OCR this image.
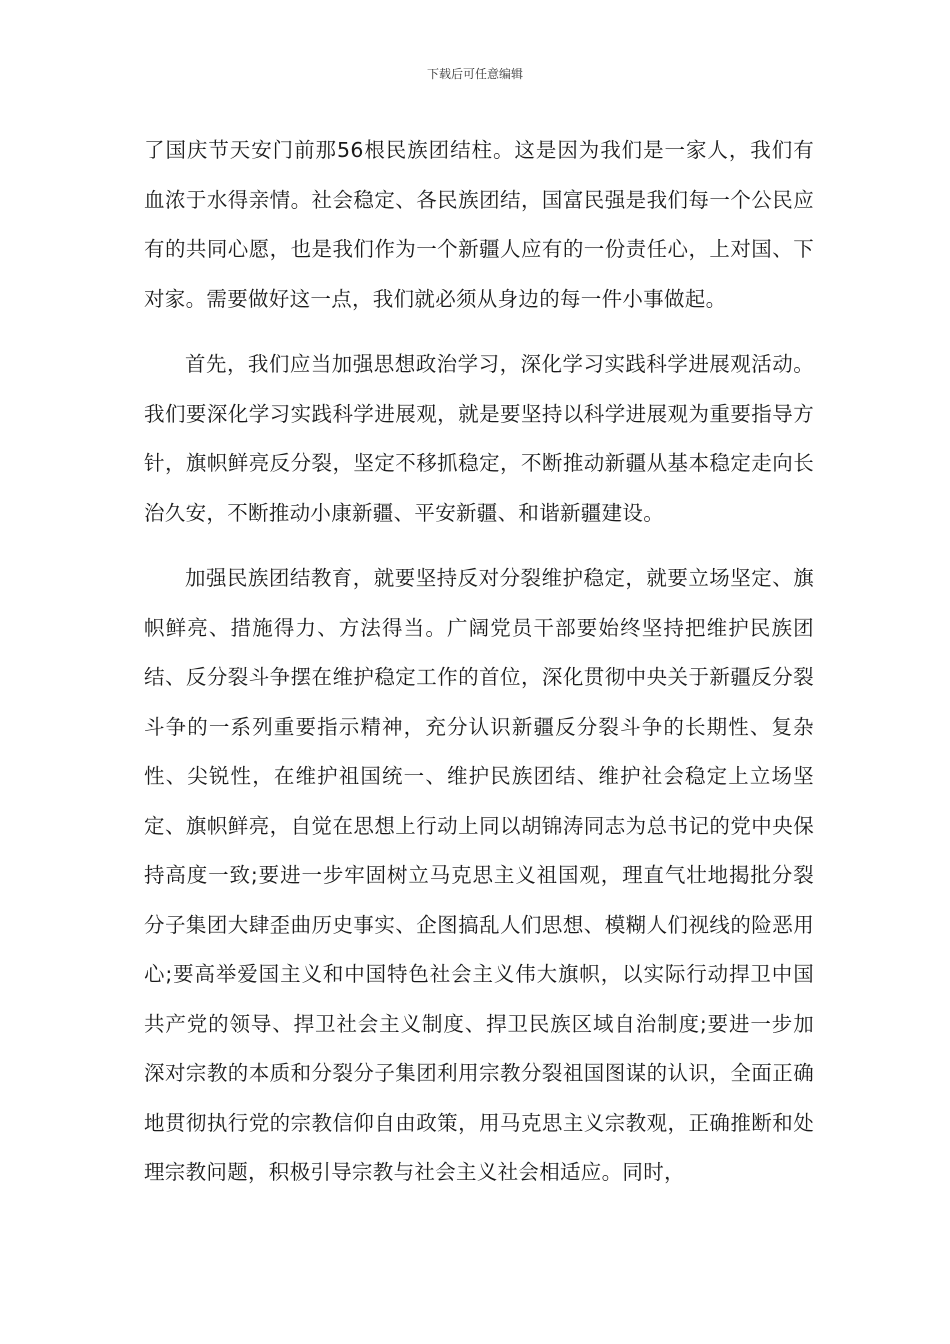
下载后可任意编辑

了国庆节天安门前那56根民族团结柱。这是因为我们是一家人，我们有血浓于水得亲情。社会稳定、各民族团结，国富民强是我们每一个公民应有的共同心愿，也是我们作为一个新疆人应有的一份责任心，上对国、下对家。需要做好这一点，我们就必须从身边的每一件小事做起。

首先，我们应当加强思想政治学习，深化学习实践科学进展观活动。我们要深化学习实践科学进展观，就是要坚持以科学进展观为重要指导方针，旗帜鲜亮反分裂，坚定不移抓稳定，不断推动新疆从基本稳定走向长治久安，不断推动小康新疆、平安新疆、和谐新疆建设。

加强民族团结教育，就要坚持反对分裂维护稳定，就要立场坚定、旗帜鲜亮、措施得力、方法得当。广阔党员干部要始终坚持把维护民族团结、反分裂斗争摆在维护稳定工作的首位，深化贯彻中央关于新疆反分裂斗争的一系列重要指示精神，充分认识新疆反分裂斗争的长期性、复杂性、尖锐性，在维护祖国统一、维护民族团结、维护社会稳定上立场坚定、旗帜鲜亮，自觉在思想上行动上同以胡锦涛同志为总书记的党中央保持高度一致;要进一步牢固树立马克思主义祖国观，理直气壮地揭批分裂分子集团大肆歪曲历史事实、企图搞乱人们思想、模糊人们视线的险恶用心;要高举爱国主义和中国特色社会主义伟大旗帜，以实际行动捍卫中国共产党的领导、捍卫社会主义制度、捍卫民族区域自治制度;要进一步加深对宗教的本质和分裂分子集团利用宗教分裂祖国图谋的认识，全面正确地贯彻执行党的宗教信仰自由政策，用马克思主义宗教观，正确推断和处理宗教问题，积极引导宗教与社会主义社会相适应。同时，
